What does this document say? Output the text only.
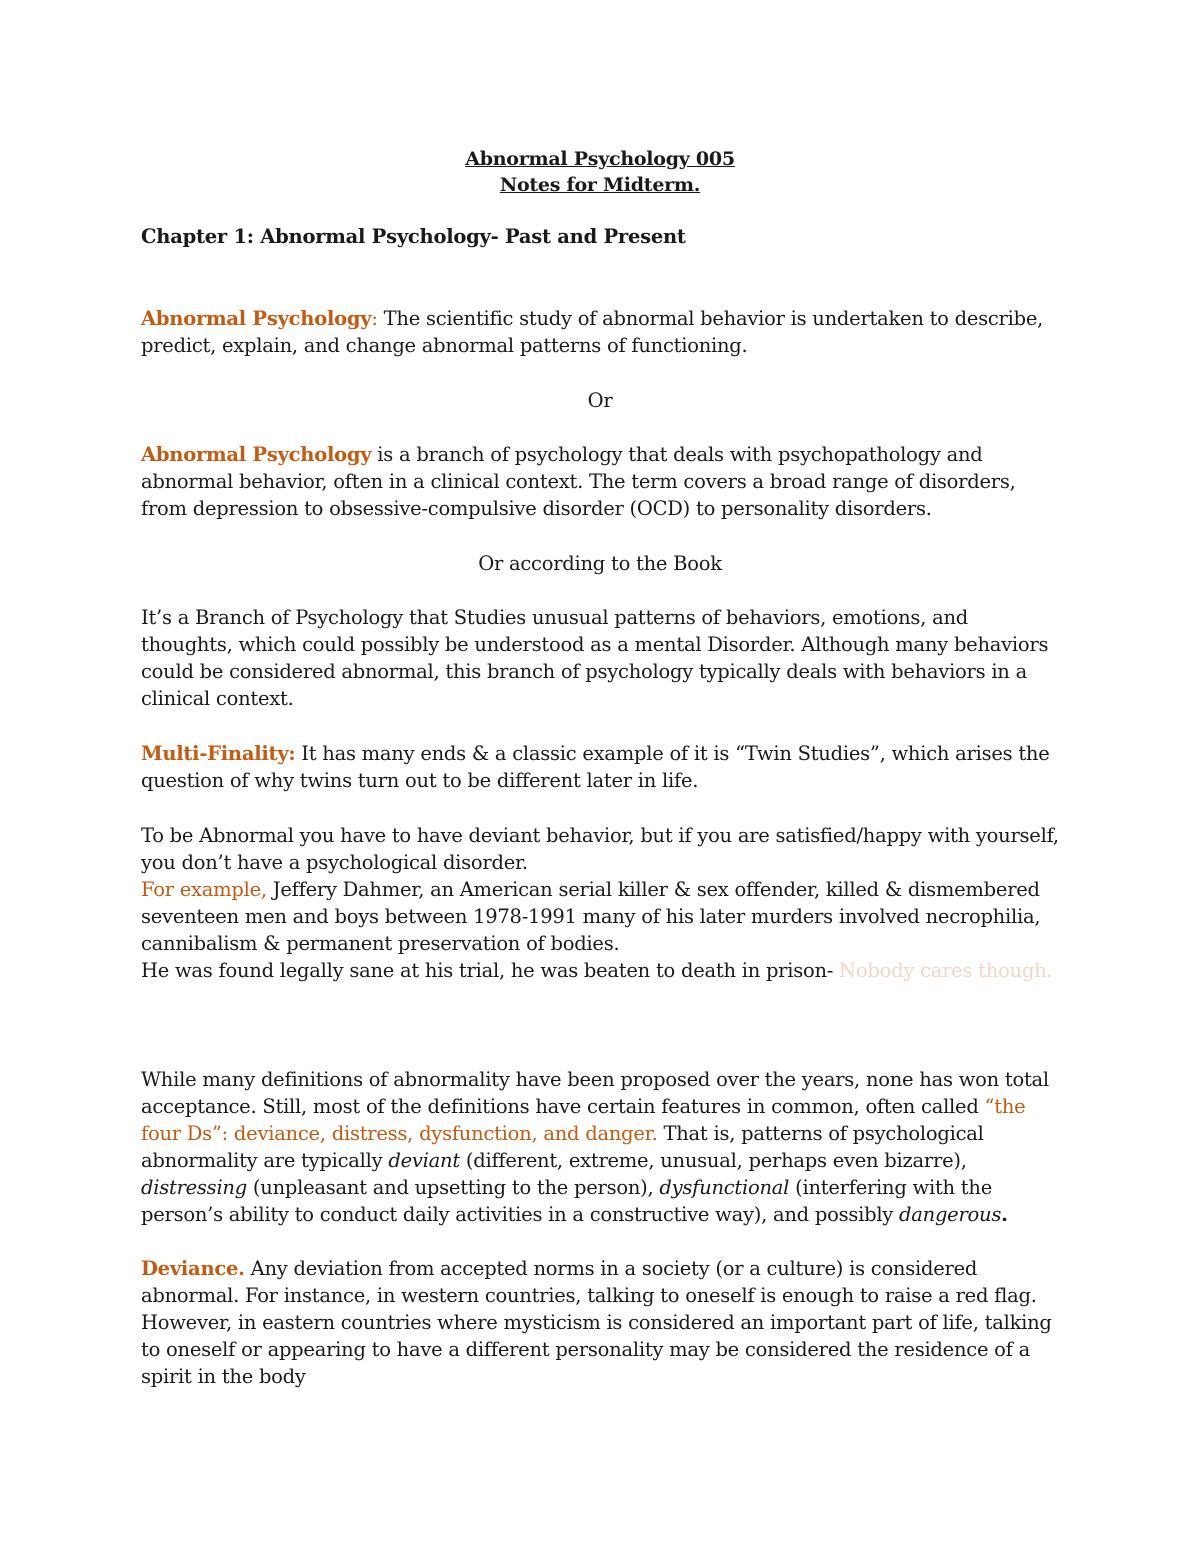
Abnormal Psychology 005
Notes for Midterm.
Chapter 1: Abnormal Psychology- Past and Present
Abnormal Psychology: The scientific study of abnormal behavior is undertaken to describe, predict, explain, and change abnormal patterns of functioning.
Or
Abnormal Psychology is a branch of psychology that deals with psychopathology and abnormal behavior, often in a clinical context. The term covers a broad range of disorders, from depression to obsessive-compulsive disorder (OCD) to personality disorders.
Or according to the Book
It’s a Branch of Psychology that Studies unusual patterns of behaviors, emotions, and thoughts, which could possibly be understood as a mental Disorder. Although many behaviors could be considered abnormal, this branch of psychology typically deals with behaviors in a clinical context.
Multi-Finality: It has many ends & a classic example of it is “Twin Studies”, which arises the question of why twins turn out to be different later in life.
To be Abnormal you have to have deviant behavior, but if you are satisfied/happy with yourself, you don’t have a psychological disorder.
For example, Jeffery Dahmer, an American serial killer & sex offender, killed & dismembered seventeen men and boys between 1978-1991 many of his later murders involved necrophilia, cannibalism & permanent preservation of bodies.
He was found legally sane at his trial, he was beaten to death in prison- Nobody cares though.
While many definitions of abnormality have been proposed over the years, none has won total acceptance. Still, most of the definitions have certain features in common, often called “the four Ds”: deviance, distress, dysfunction, and danger. That is, patterns of psychological abnormality are typically deviant (different, extreme, unusual, perhaps even bizarre), distressing (unpleasant and upsetting to the person), dysfunctional (interfering with the person’s ability to conduct daily activities in a constructive way), and possibly dangerous.
Deviance. Any deviation from accepted norms in a society (or a culture) is considered abnormal. For instance, in western countries, talking to oneself is enough to raise a red flag. However, in eastern countries where mysticism is considered an important part of life, talking to oneself or appearing to have a different personality may be considered the residence of a spirit in the body
